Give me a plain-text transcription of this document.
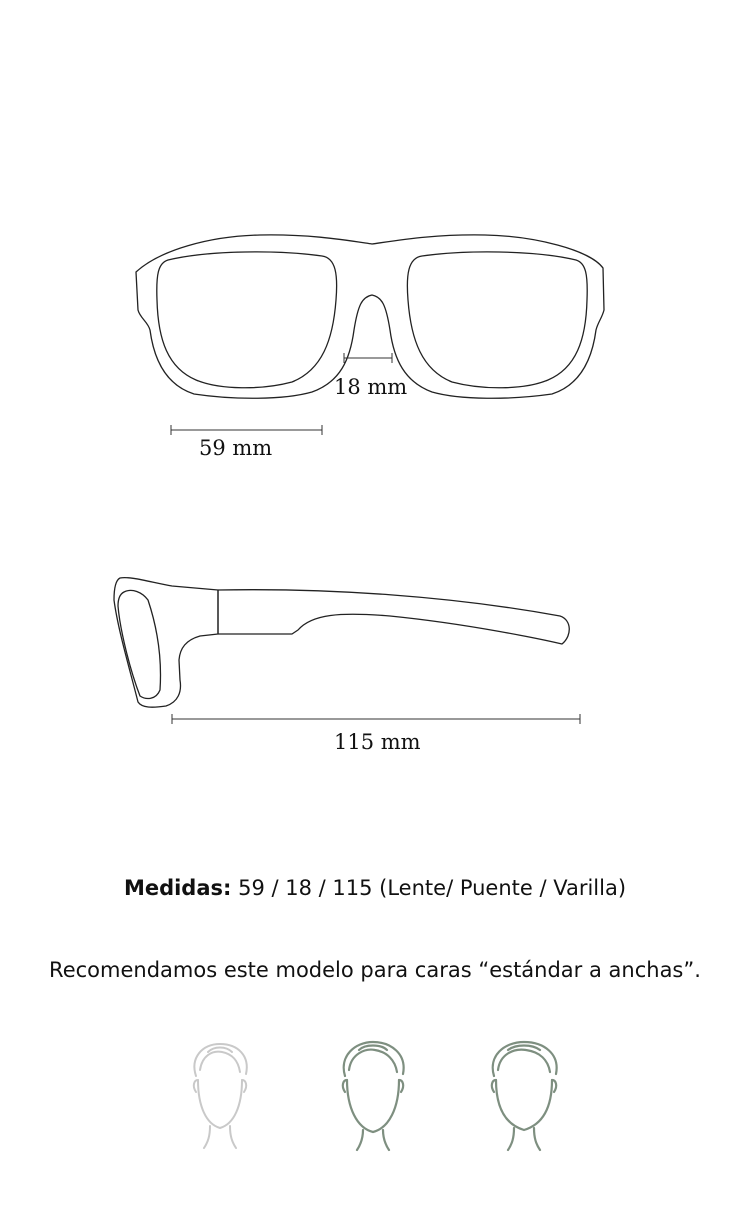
18 mm
59 mm
115 mm
Medidas: 59 / 18 / 115 (Lente/ Puente / Varilla)
Recomendamos este modelo para caras “estándar a anchas”.
